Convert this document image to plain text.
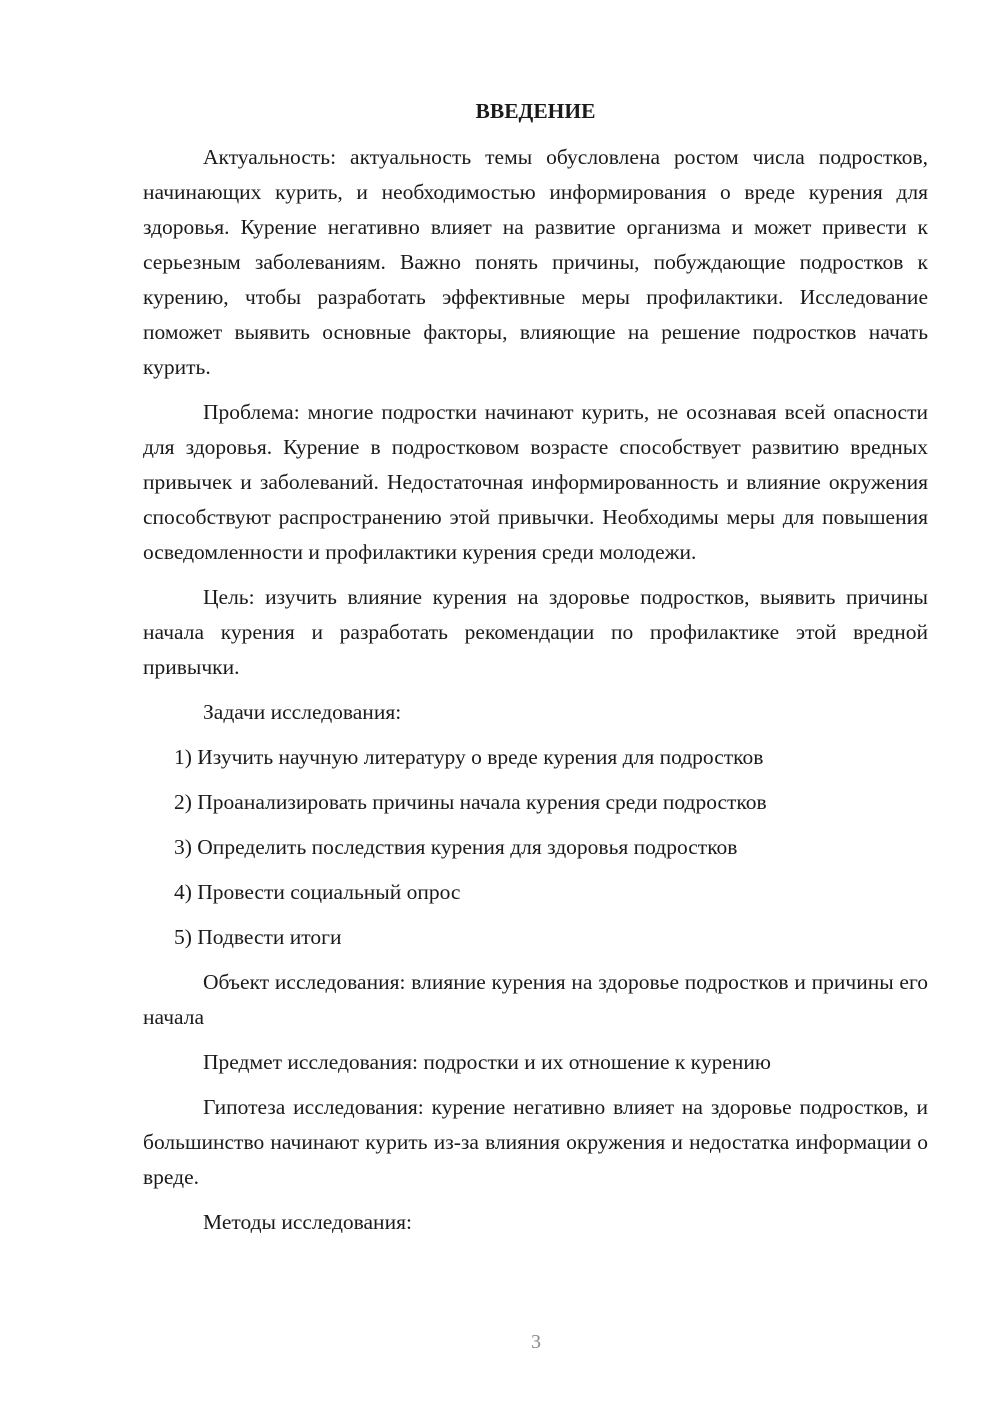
ВВЕДЕНИЕ

Актуальность: актуальность темы обусловлена ростом числа подростков, начинающих курить, и необходимостью информирования о вреде курения для здоровья. Курение негативно влияет на развитие организма и может привести к серьезным заболеваниям. Важно понять причины, побуждающие подростков к курению, чтобы разработать эффективные меры профилактики. Исследование поможет выявить основные факторы, влияющие на решение подростков начать курить.

Проблема: многие подростки начинают курить, не осознавая всей опасности для здоровья. Курение в подростковом возрасте способствует развитию вредных привычек и заболеваний. Недостаточная информированность и влияние окружения способствуют распространению этой привычки. Необходимы меры для повышения осведомленности и профилактики курения среди молодежи.

Цель: изучить влияние курения на здоровье подростков, выявить причины начала курения и разработать рекомендации по профилактике этой вредной привычки.

Задачи исследования:
1) Изучить научную литературу о вреде курения для подростков
2) Проанализировать причины начала курения среди подростков
3) Определить последствия курения для здоровья подростков
4) Провести социальный опрос
5) Подвести итоги

Объект исследования: влияние курения на здоровье подростков и причины его начала

Предмет исследования: подростки и их отношение к курению

Гипотеза исследования: курение негативно влияет на здоровье подростков, и большинство начинают курить из-за влияния окружения и недостатка информации о вреде.

Методы исследования:
3
